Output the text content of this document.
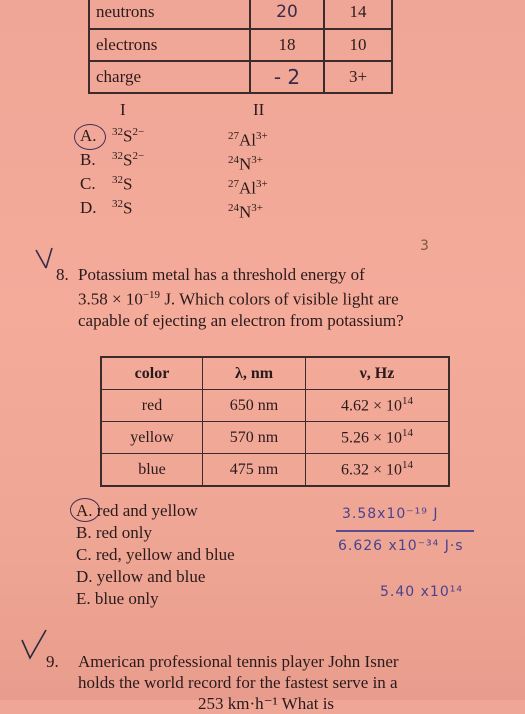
neutrons	20	14
electrons	18	10
charge	- 2	3+
I	II
A. $^{32}S^{2-}$	$^{27}Al^{3+}$
B. $^{32}S^{2-}$	$^{24}N^{3+}$
C. $^{32}$S	$^{27}Al^{3+}$
D. $^{32}$S	$^{24}N^{3+}$
3
8. Potassium metal has a threshold energy of
$3.58 \times 10^{-19}$ J. Which colors of visible light are
capable of ejecting an electron from potassium?
color	λ, nm	ν, Hz
red	650 nm	$4.62 \times 10^{14}$
yellow	570 nm	$5.26 \times 10^{14}$
blue	475 nm	$6.32 \times 10^{14}$
A. red and yellow
B. red only
C. red, yellow and blue
D. yellow and blue
E. blue only
3.58x10⁻¹⁹ J
6.626 x10⁻³⁴ J·s
5.40 x10¹⁴
9. American professional tennis player John Isner
holds the world record for the fastest serve in a
253 km·h⁻¹ What is
